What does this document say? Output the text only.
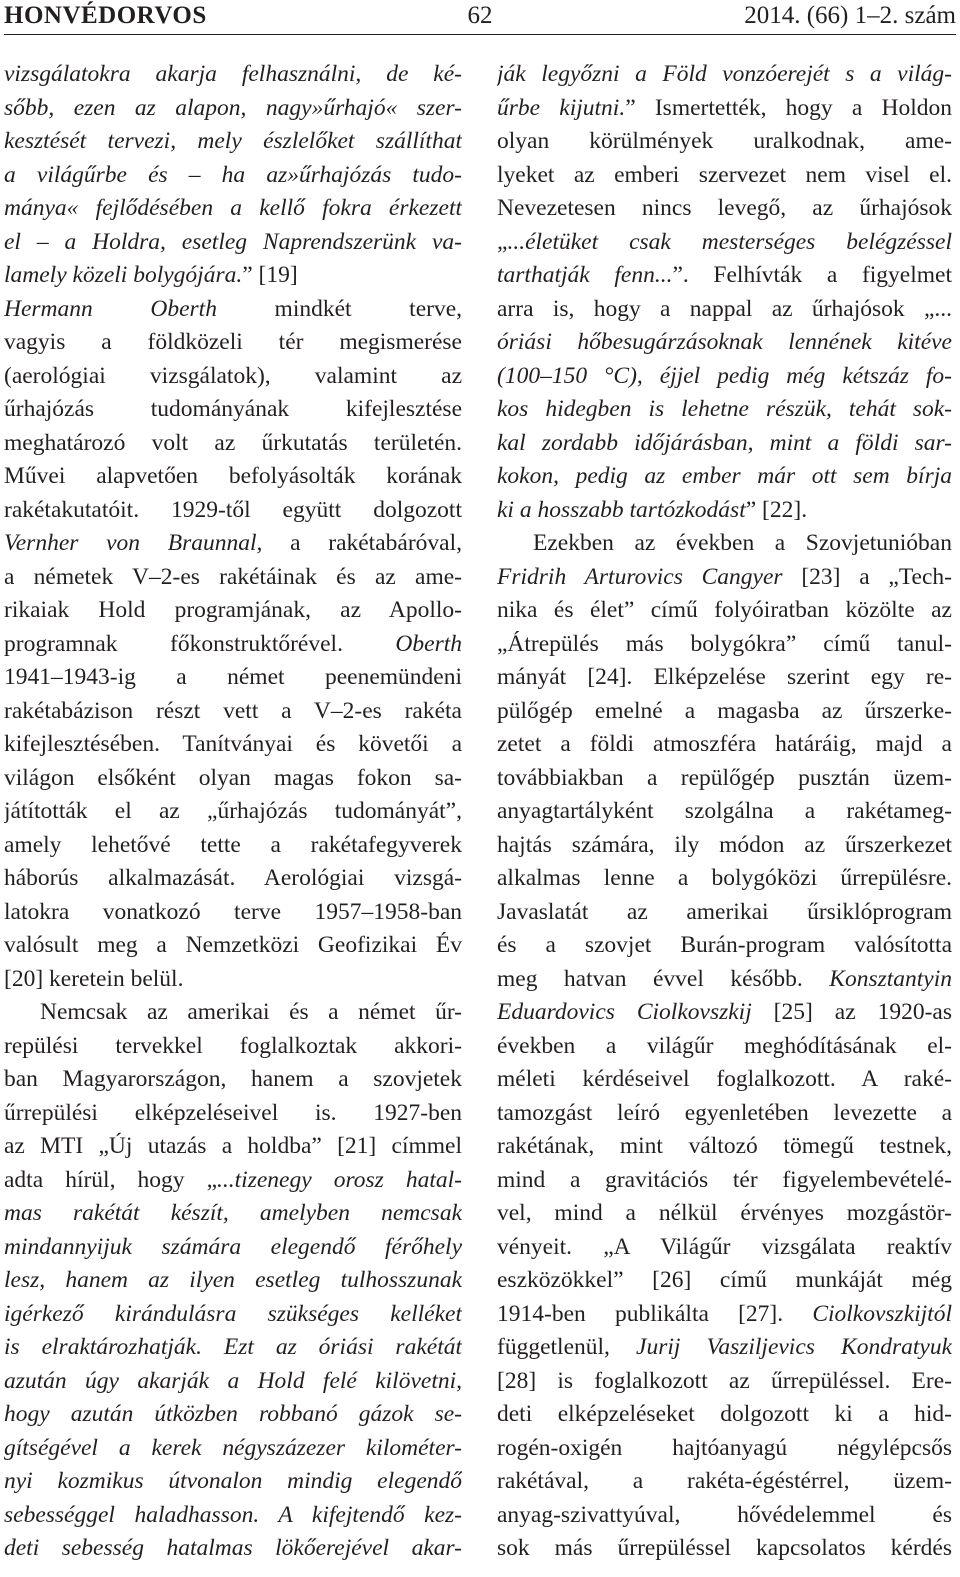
HONVÉDORVOS	62	2014. (66) 1–2. szám
vizsgálatokra akarja felhasználni, de ké-
sőbb, ezen az alapon, nagy»űrhajó« szer-
kesztését tervezi, mely észlelőket szállíthat
a világűrbe és – ha az»űrhajózás tudo-
mánya« fejlődésében a kellő fokra érkezett
el – a Holdra, esetleg Naprendszerünk va-
lamely közeli bolygójára.” [19]
Hermann Oberth mindkét terve,
vagyis a földközeli tér megismerése
(aerológiai vizsgálatok), valamint az
űrhajózás tudományának kifejlesztése
meghatározó volt az űrkutatás területén.
Művei alapvetően befolyásolták korának
rakétakutatóit. 1929-től együtt dolgozott
Vernher von Braunnal, a rakétabáróval,
a németek V–2-es rakétáinak és az ame-
rikaiak Hold programjának, az Apollo-
programnak főkonstruktőrével. Oberth
1941–1943-ig a német peenemündeni
rakétabázison részt vett a V–2-es rakéta
kifejlesztésében. Tanítványai és követői a
világon elsőként olyan magas fokon sa-
játították el az „űrhajózás tudományát”,
amely lehetővé tette a rakétafegyverek
háborús alkalmazását. Aerológiai vizsgá-
latokra vonatkozó terve 1957–1958-ban
valósult meg a Nemzetközi Geofizikai Év
[20] keretein belül.
Nemcsak az amerikai és a német űr-
repülési tervekkel foglalkoztak akkori-
ban Magyarországon, hanem a szovjetek
űrrepülési elképzeléseivel is. 1927-ben
az MTI „Új utazás a holdba” [21] címmel
adta hírül, hogy „...tizenegy orosz hatal-
mas rakétát készít, amelyben nemcsak
mindannyijuk számára elegendő férőhely
lesz, hanem az ilyen esetleg tulhosszunak
igérkező kirándulásra szükséges kelléket
is elraktározhatják. Ezt az óriási rakétát
azután úgy akarják a Hold felé kilövetni,
hogy azután útközben robbanó gázok se-
gítségével a kerek négyszázezer kilométer-
nyi kozmikus útvonalon mindig elegendő
sebességgel haladhasson. A kifejtendő kez-
deti sebesség hatalmas lökőerejével akar-
ják legyőzni a Föld vonzóerejét s a világ-
űrbe kijutni.” Ismertették, hogy a Holdon
olyan körülmények uralkodnak, ame-
lyeket az emberi szervezet nem visel el.
Nevezetesen nincs levegő, az űrhajósok
„...életüket csak mesterséges belégzéssel
tarthatják fenn...”. Felhívták a figyelmet
arra is, hogy a nappal az űrhajósok „...
óriási hőbesugárzásoknak lennének kitéve
(100–150 °C), éjjel pedig még kétszáz fo-
kos hidegben is lehetne részük, tehát sok-
kal zordabb időjárásban, mint a földi sar-
kokon, pedig az ember már ott sem bírja
ki a hosszabb tartózkodást” [22].
Ezekben az években a Szovjetunióban
Fridrih Arturovics Cangyer [23] a „Tech-
nika és élet” című folyóiratban közölte az
„Átrepülés más bolygókra” című tanul-
mányát [24]. Elképzelése szerint egy re-
pülőgép emelné a magasba az űrszerke-
zetet a földi atmoszféra határáig, majd a
továbbiakban a repülőgép pusztán üzem-
anyagtartályként szolgálna a rakétameg-
hajtás számára, ily módon az űrszerkezet
alkalmas lenne a bolygóközi űrrepülésre.
Javaslatát az amerikai űrsiklóprogram
és a szovjet Burán-program valósította
meg hatvan évvel később. Konsztantyin
Eduardovics Ciolkovszkij [25] az 1920-as
években a világűr meghódításának el-
méleti kérdéseivel foglalkozott. A raké-
tamozgást leíró egyenletében levezette a
rakétának, mint változó tömegű testnek,
mind a gravitációs tér figyelembevételé-
vel, mind a nélkül érvényes mozgástör-
vényeit. „A Világűr vizsgálata reaktív
eszközökkel” [26] című munkáját még
1914-ben publikálta [27]. Ciolkovszkijtól
függetlenül, Jurij Vasziljevics Kondratyuk
[28] is foglalkozott az űrrepüléssel. Ere-
deti elképzeléseket dolgozott ki a hid-
rogén-oxigén hajtóanyagú négylépcsős
rakétával, a rakéta-égéstérrel, üzem-
anyag-szivattyúval, hővédelemmel és
sok más űrrepüléssel kapcsolatos kérdés
